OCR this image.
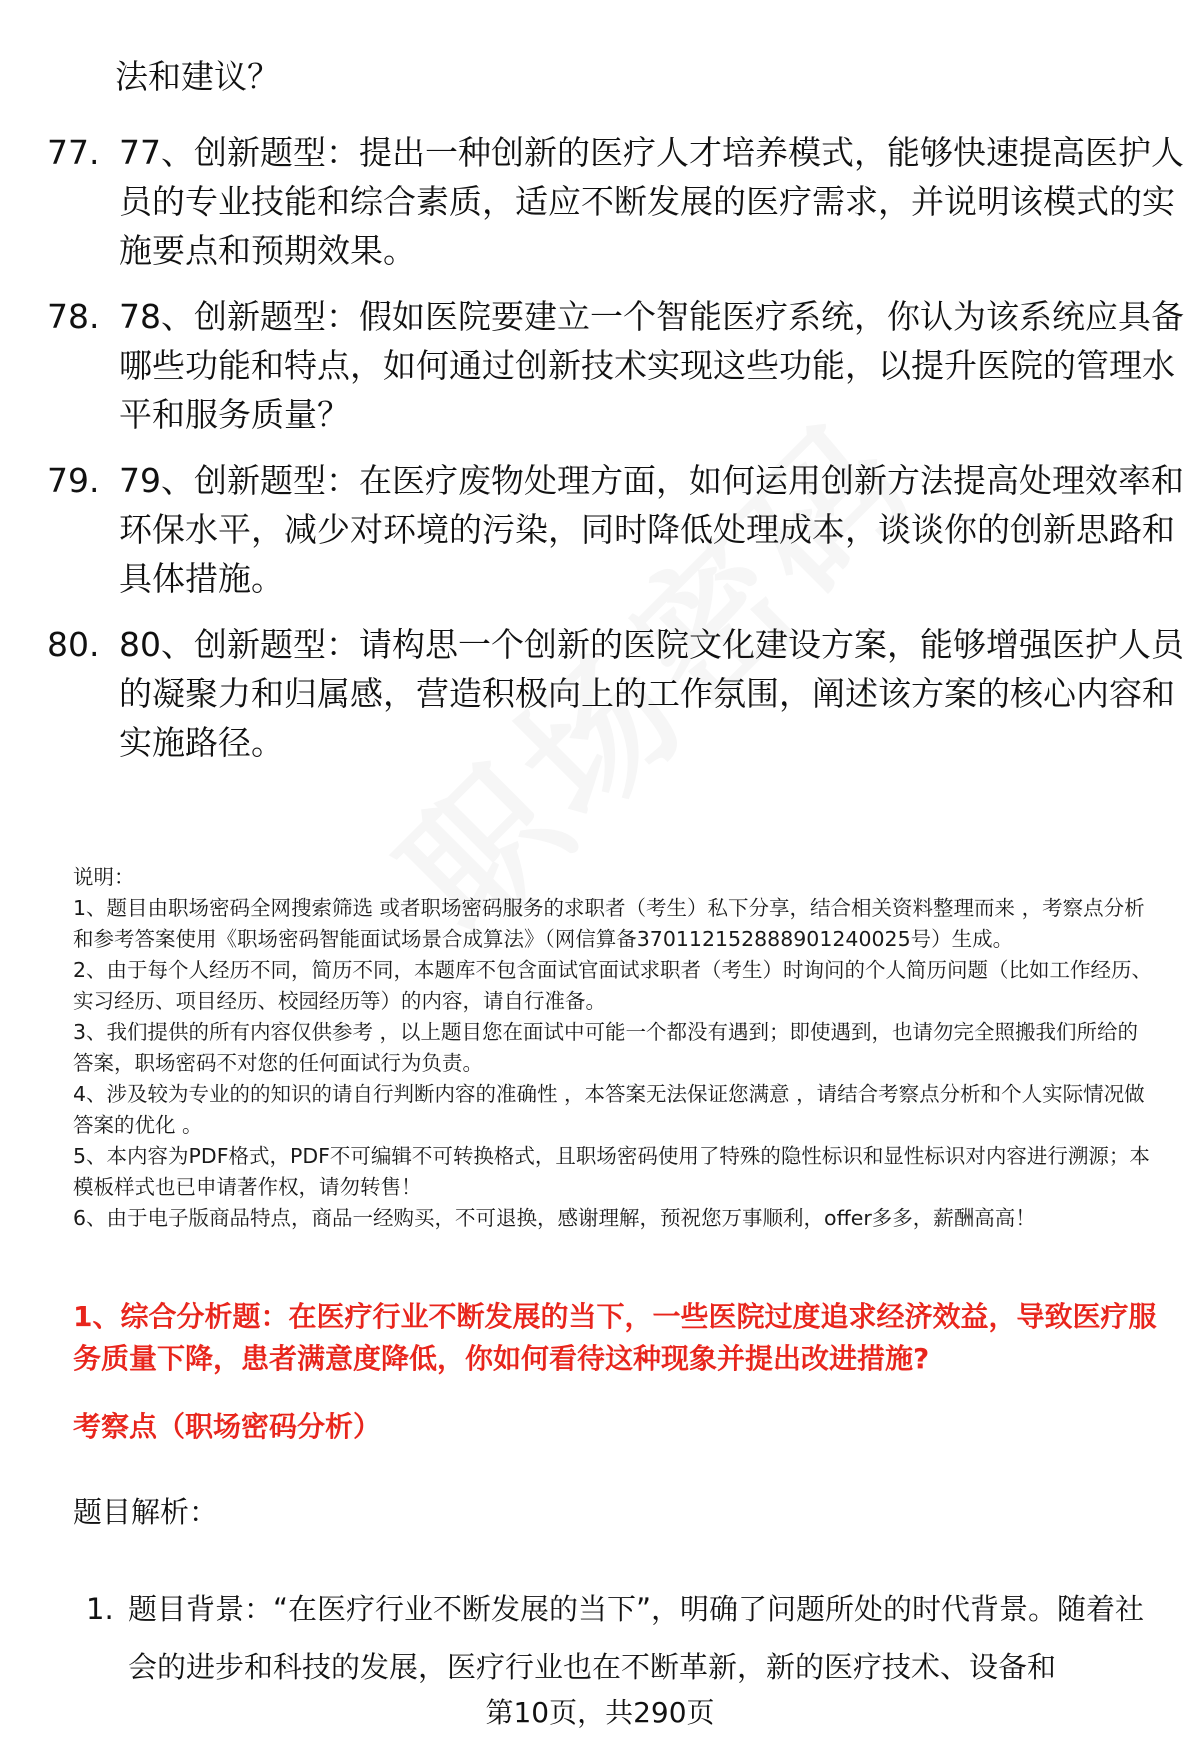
法和建议？
77. 77、创新题型：提出一种创新的医疗人才培养模式，能够快速提高医护人员的专业技能和综合素质，适应不断发展的医疗需求，并说明该模式的实施要点和预期效果。
78. 78、创新题型：假如医院要建立一个智能医疗系统，你认为该系统应具备哪些功能和特点，如何通过创新技术实现这些功能，以提升医院的管理水平和服务质量？
79. 79、创新题型：在医疗废物处理方面，如何运用创新方法提高处理效率和环保水平，减少对环境的污染，同时降低处理成本，谈谈你的创新思路和具体措施。
80. 80、创新题型：请构思一个创新的医院文化建设方案，能够增强医护人员的凝聚力和归属感，营造积极向上的工作氛围，阐述该方案的核心内容和实施路径。
说明：
1、题目由职场密码全网搜索筛选 或者职场密码服务的求职者（考生）私下分享，结合相关资料整理而来 ，考察点分析和参考答案使用《职场密码智能面试场景合成算法》（网信算备370112152888901240025号）生成。
2、由于每个人经历不同，简历不同，本题库不包含面试官面试求职者（考生）时询问的个人简历问题（比如工作经历、实习经历、项目经历、校园经历等）的内容，请自行准备。
3、我们提供的所有内容仅供参考 ，以上题目您在面试中可能一个都没有遇到；即使遇到，也请勿完全照搬我们所给的答案，职场密码不对您的任何面试行为负责。
4、涉及较为专业的的知识的请自行判断内容的准确性 ，本答案无法保证您满意 ，请结合考察点分析和个人实际情况做答案的优化 。
5、本内容为PDF格式，PDF不可编辑不可转换格式，且职场密码使用了特殊的隐性标识和显性标识对内容进行溯源；本模板样式也已申请著作权，请勿转售！
6、由于电子版商品特点，商品一经购买，不可退换，感谢理解，预祝您万事顺利，offer多多，薪酬高高！
1、综合分析题：在医疗行业不断发展的当下，一些医院过度追求经济效益，导致医疗服务质量下降，患者满意度降低，你如何看待这种现象并提出改进措施?
考察点（职场密码分析）
题目解析：
1. 题目背景：“在医疗行业不断发展的当下”，明确了问题所处的时代背景。随着社会的进步和科技的发展，医疗行业也在不断革新，新的医疗技术、设备和
第10页，共290页
